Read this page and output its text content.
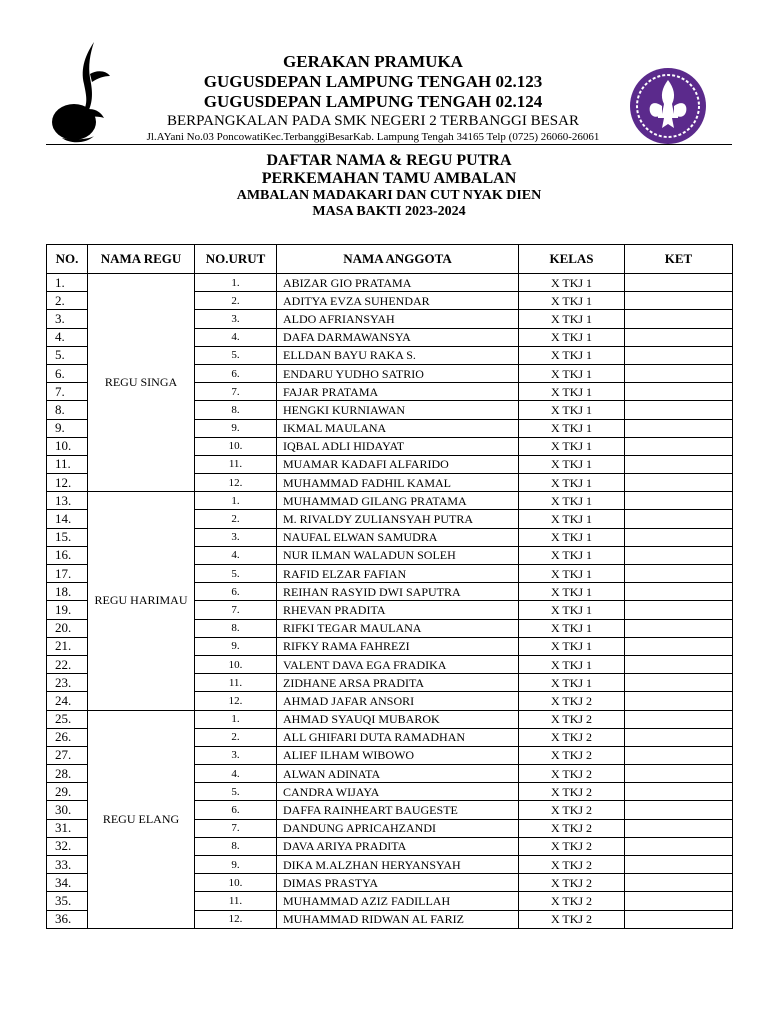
GERAKAN PRAMUKA
GUGUSDEPAN LAMPUNG TENGAH 02.123
GUGUSDEPAN LAMPUNG TENGAH 02.124
BERPANGKALAN PADA SMK NEGERI 2 TERBANGGI BESAR
Jl.AYani No.03 PoncowatiKec.TerbanggiBesarKab. Lampung Tengah 34165 Telp (0725) 26060-26061
DAFTAR NAMA & REGU PUTRA
PERKEMAHAN TAMU AMBALAN
AMBALAN MADAKARI DAN CUT NYAK DIEN
MASA BAKTI 2023-2024
NO.	NAMA REGU	NO.URUT	NAMA ANGGOTA	KELAS	KET
1.	REGU SINGA	1.	ABIZAR GIO PRATAMA	X TKJ 1	
2.		2.	ADITYA EVZA SUHENDAR	X TKJ 1	
3.		3.	ALDO AFRIANSYAH	X TKJ 1	
4.		4.	DAFA DARMAWANSYA	X TKJ 1	
5.		5.	ELLDAN BAYU RAKA S.	X TKJ 1	
6.		6.	ENDARU YUDHO SATRIO	X TKJ 1	
7.		7.	FAJAR PRATAMA	X TKJ 1	
8.		8.	HENGKI KURNIAWAN	X TKJ 1	
9.		9.	IKMAL MAULANA	X TKJ 1	
10.		10.	IQBAL ADLI HIDAYAT	X TKJ 1	
11.		11.	MUAMAR KADAFI ALFARIDO	X TKJ 1	
12.		12.	MUHAMMAD FADHIL KAMAL	X TKJ 1	
13.	REGU HARIMAU	1.	MUHAMMAD GILANG PRATAMA	X TKJ 1	
14.		2.	M. RIVALDY ZULIANSYAH PUTRA	X TKJ 1	
15.		3.	NAUFAL ELWAN SAMUDRA	X TKJ 1	
16.		4.	NUR ILMAN WALADUN SOLEH	X TKJ 1	
17.		5.	RAFID ELZAR FAFIAN	X TKJ 1	
18.		6.	REIHAN RASYID DWI SAPUTRA	X TKJ 1	
19.		7.	RHEVAN PRADITA	X TKJ 1	
20.		8.	RIFKI TEGAR MAULANA	X TKJ 1	
21.		9.	RIFKY RAMA FAHREZI	X TKJ 1	
22.		10.	VALENT DAVA EGA FRADIKA	X TKJ 1	
23.		11.	ZIDHANE ARSA PRADITA	X TKJ 1	
24.		12.	AHMAD JAFAR ANSORI	X TKJ 2	
25.	REGU ELANG	1.	AHMAD SYAUQI MUBAROK	X TKJ 2	
26.		2.	ALL GHIFARI DUTA RAMADHAN	X TKJ 2	
27.		3.	ALIEF ILHAM WIBOWO	X TKJ 2	
28.		4.	ALWAN ADINATA	X TKJ 2	
29.		5.	CANDRA WIJAYA	X TKJ 2	
30.		6.	DAFFA RAINHEART BAUGESTE	X TKJ 2	
31.		7.	DANDUNG APRICAHZANDI	X TKJ 2	
32.		8.	DAVA ARIYA PRADITA	X TKJ 2	
33.		9.	DIKA M.ALZHAN HERYANSYAH	X TKJ 2	
34.		10.	DIMAS PRASTYA	X TKJ 2	
35.		11.	MUHAMMAD AZIZ FADILLAH	X TKJ 2	
36.		12.	MUHAMMAD RIDWAN AL FARIZ	X TKJ 2	
